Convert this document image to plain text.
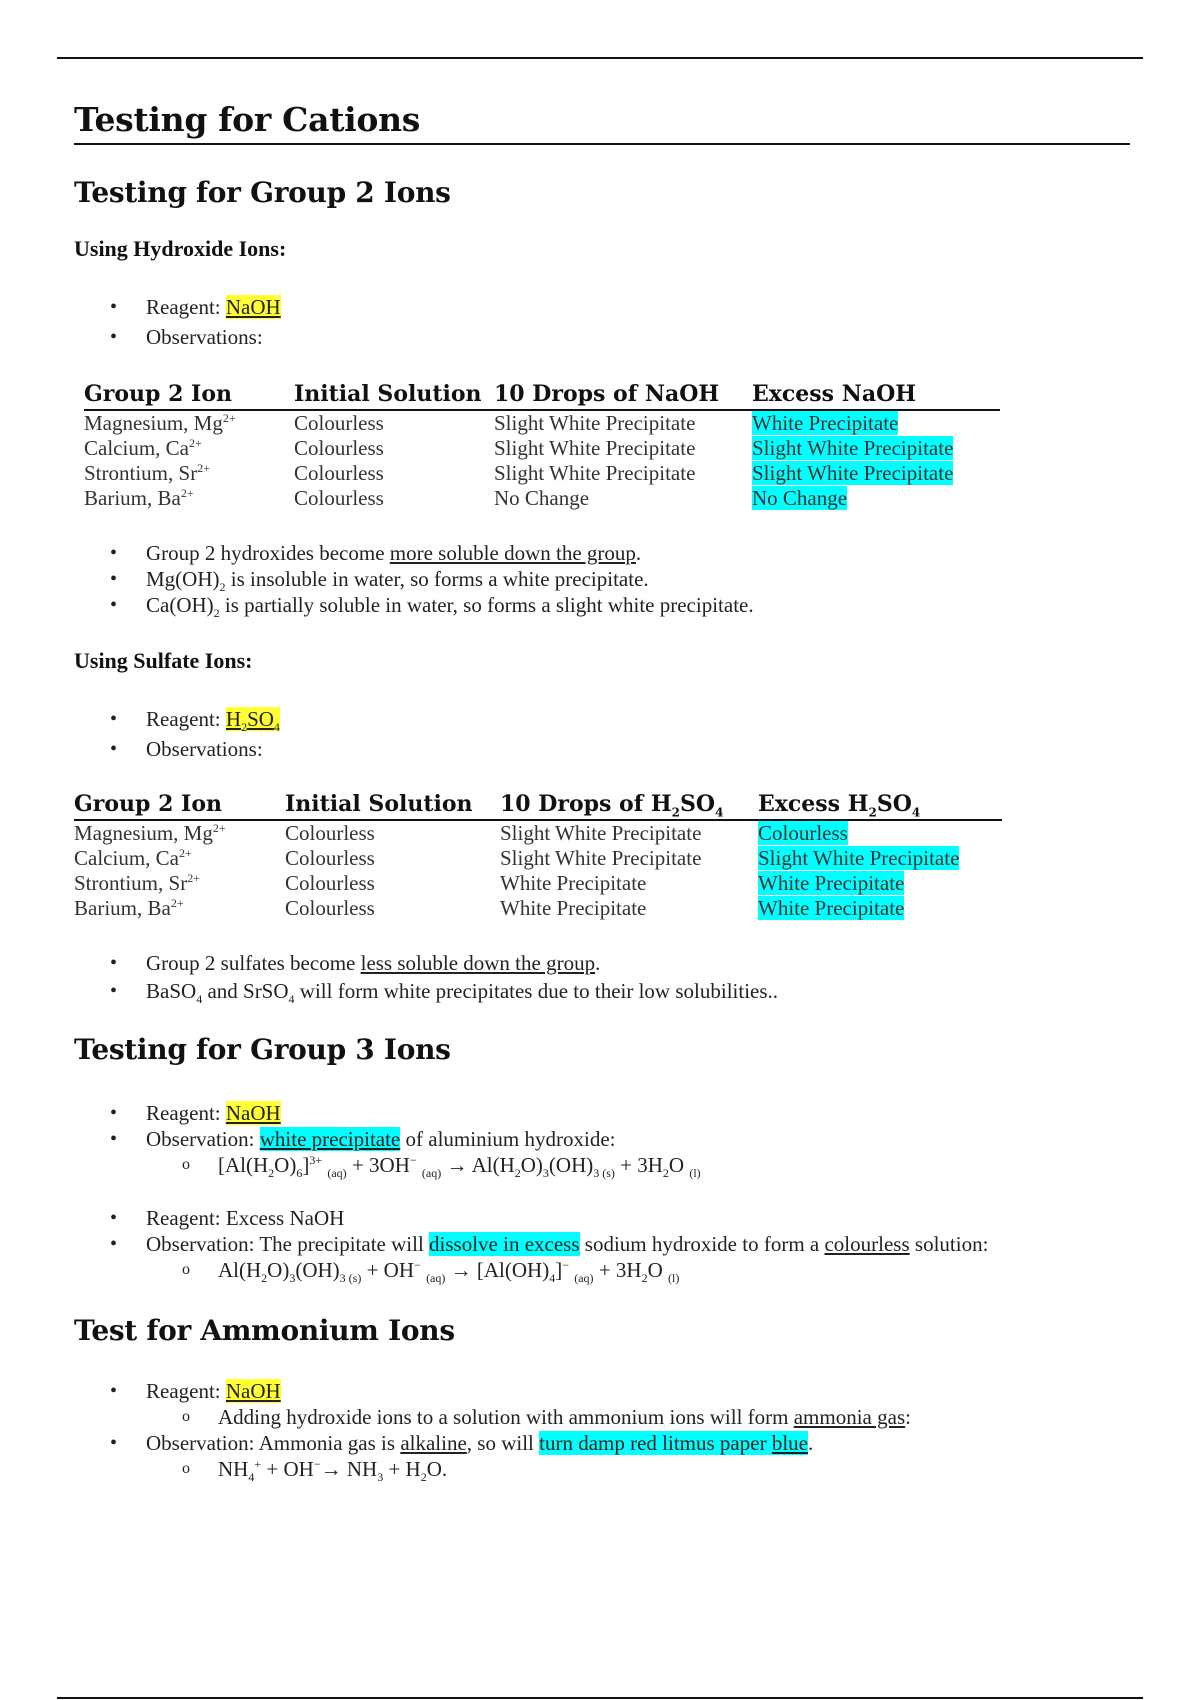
Testing for Cations
Testing for Group 2 Ions
Using Hydroxide Ions:
• Reagent: NaOH
• Observations:
Group 2 Ion	Initial Solution	10 Drops of NaOH	Excess NaOH
Magnesium, $Mg^{2+}$	Colourless	Slight White Precipitate	White Precipitate
Calcium, $Ca^{2+}$	Colourless	Slight White Precipitate	Slight White Precipitate
Strontium, $Sr^{2+}$	Colourless	Slight White Precipitate	Slight White Precipitate
Barium, $Ba^{2+}$	Colourless	No Change	No Change
• Group 2 hydroxides become more soluble down the group.
• $Mg(OH)_2$ is insoluble in water, so forms a white precipitate.
• $Ca(OH)_2$ is partially soluble in water, so forms a slight white precipitate.
Using Sulfate Ions:
• Reagent: $H_2SO_4$
• Observations:
Group 2 Ion	Initial Solution	10 Drops of $H_2SO_4$	Excess $H_2SO_4$
Magnesium, $Mg^{2+}$	Colourless	Slight White Precipitate	Colourless
Calcium, $Ca^{2+}$	Colourless	Slight White Precipitate	Slight White Precipitate
Strontium, $Sr^{2+}$	Colourless	White Precipitate	White Precipitate
Barium, $Ba^{2+}$	Colourless	White Precipitate	White Precipitate
• Group 2 sulfates become less soluble down the group.
• BaSO$_4$ and SrSO$_4$ will form white precipitates due to their low solubilities..
Testing for Group 3 Ions
• Reagent: NaOH
• Observation: white precipitate of aluminium hydroxide:
o $[Al(H_2O)_6]^{3+}$ $_{(aq)}$ + 3OH− $_{(aq)} \to Al(H_2O)_3(OH)_{3 (s)} + 3H_2O$ $_{(l)}$
• Reagent: Excess NaOH
• Observation: The precipitate will dissolve in excess sodium hydroxide to form a colourless solution:
o $Al(H_2O)_3(OH)_{3 (s)} + OH^-$ $_{(aq)} \to [Al(OH)_4]^-$ $_{(aq)} + 3H_2O$ $_{(l)}$
Test for Ammonium Ions
• Reagent: NaOH
o Adding hydroxide ions to a solution with ammonium ions will form ammonia gas:
• Observation: Ammonia gas is alkaline, so will turn damp red litmus paper blue.
o $NH_4^+ + OH^-\to NH_3 + H_2O$.
